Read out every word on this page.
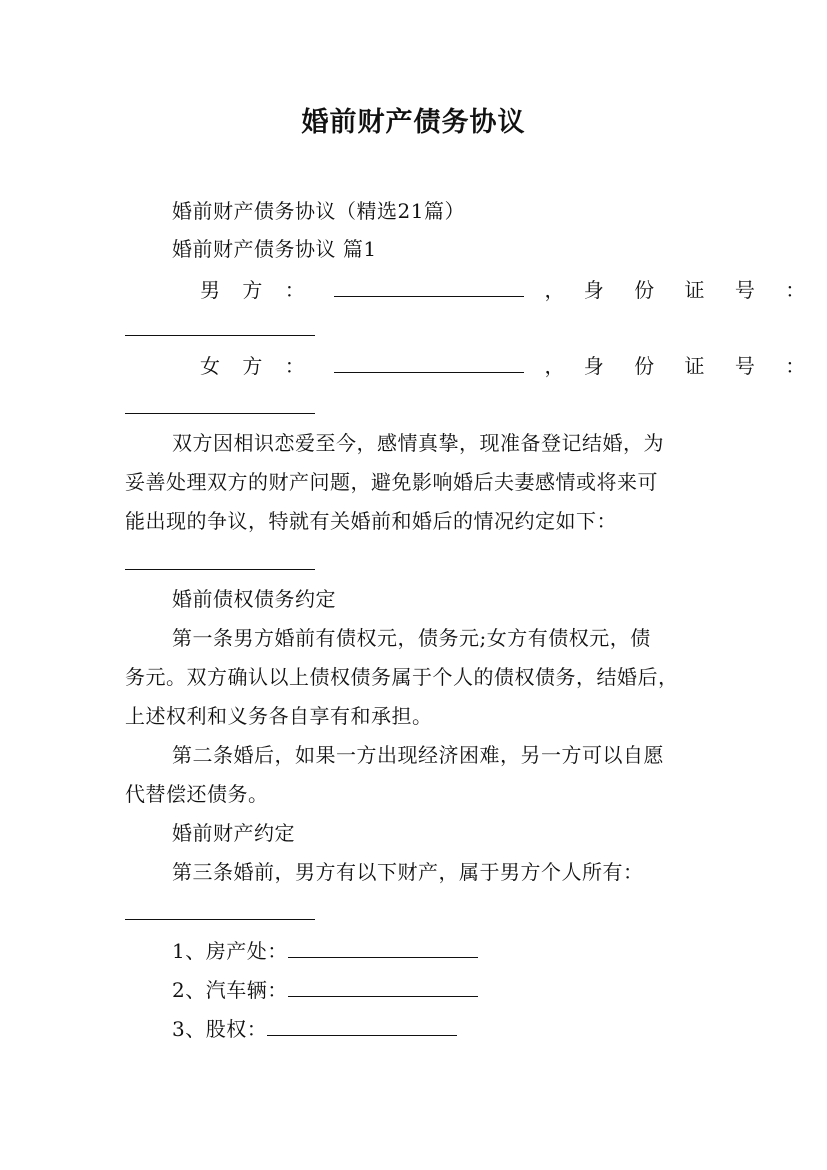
婚前财产债务协议
婚前财产债务协议（精选21篇）
婚前财产债务协议 篇1
男 方 ：	， 身 份 证 号 ：
女 方 ：	， 身 份 证 号 ：
双方因相识恋爱至今，感情真挚，现准备登记结婚，为
妥善处理双方的财产问题，避免影响婚后夫妻感情或将来可
能出现的争议，特就有关婚前和婚后的情况约定如下：
婚前债权债务约定
第一条男方婚前有债权元，债务元;女方有债权元，债
务元。双方确认以上债权债务属于个人的债权债务，结婚后，
上述权利和义务各自享有和承担。
第二条婚后，如果一方出现经济困难，另一方可以自愿
代替偿还债务。
婚前财产约定
第三条婚前，男方有以下财产，属于男方个人所有：
1、房产处：
2、汽车辆：
3、股权：
